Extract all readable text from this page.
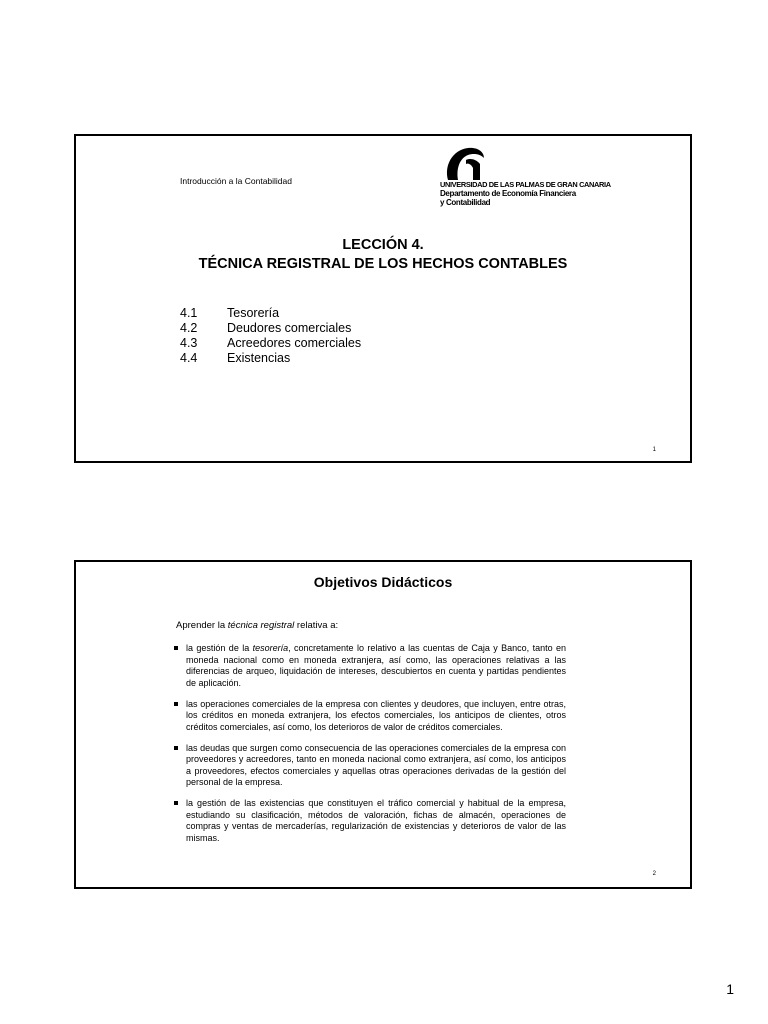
Introducción a la Contabilidad	UNIVERSIDAD DE LAS PALMAS DE GRAN CANARIA
Departamento de Economía Financiera
y Contabilidad
LECCIÓN 4.
TÉCNICA REGISTRAL DE LOS HECHOS CONTABLES
4.1	Tesorería
4.2	Deudores comerciales
4.3	Acreedores comerciales
4.4	Existencias
1
Objetivos Didácticos
Aprender la técnica registral relativa a:
la gestión de la tesorería, concretamente lo relativo a las cuentas de Caja y Banco, tanto en moneda nacional como en moneda extranjera, así como, las operaciones relativas a las diferencias de arqueo, liquidación de intereses, descubiertos en cuenta y partidas pendientes de aplicación.
las operaciones comerciales de la empresa con clientes y deudores, que incluyen, entre otras, los créditos en moneda extranjera, los efectos comerciales, los anticipos de clientes, otros créditos comerciales, así como, los deterioros de valor de créditos comerciales.
las deudas que surgen como consecuencia de las operaciones comerciales de la empresa con proveedores y acreedores, tanto en moneda nacional como extranjera, así como, los anticipos a proveedores, efectos comerciales y aquellas otras operaciones derivadas de la gestión del personal de la empresa.
la gestión de las existencias que constituyen el tráfico comercial y habitual de la empresa, estudiando su clasificación, métodos de valoración, fichas de almacén, operaciones de compras y ventas de mercaderías, regularización de existencias y deterioros de valor de las mismas.
2
1
